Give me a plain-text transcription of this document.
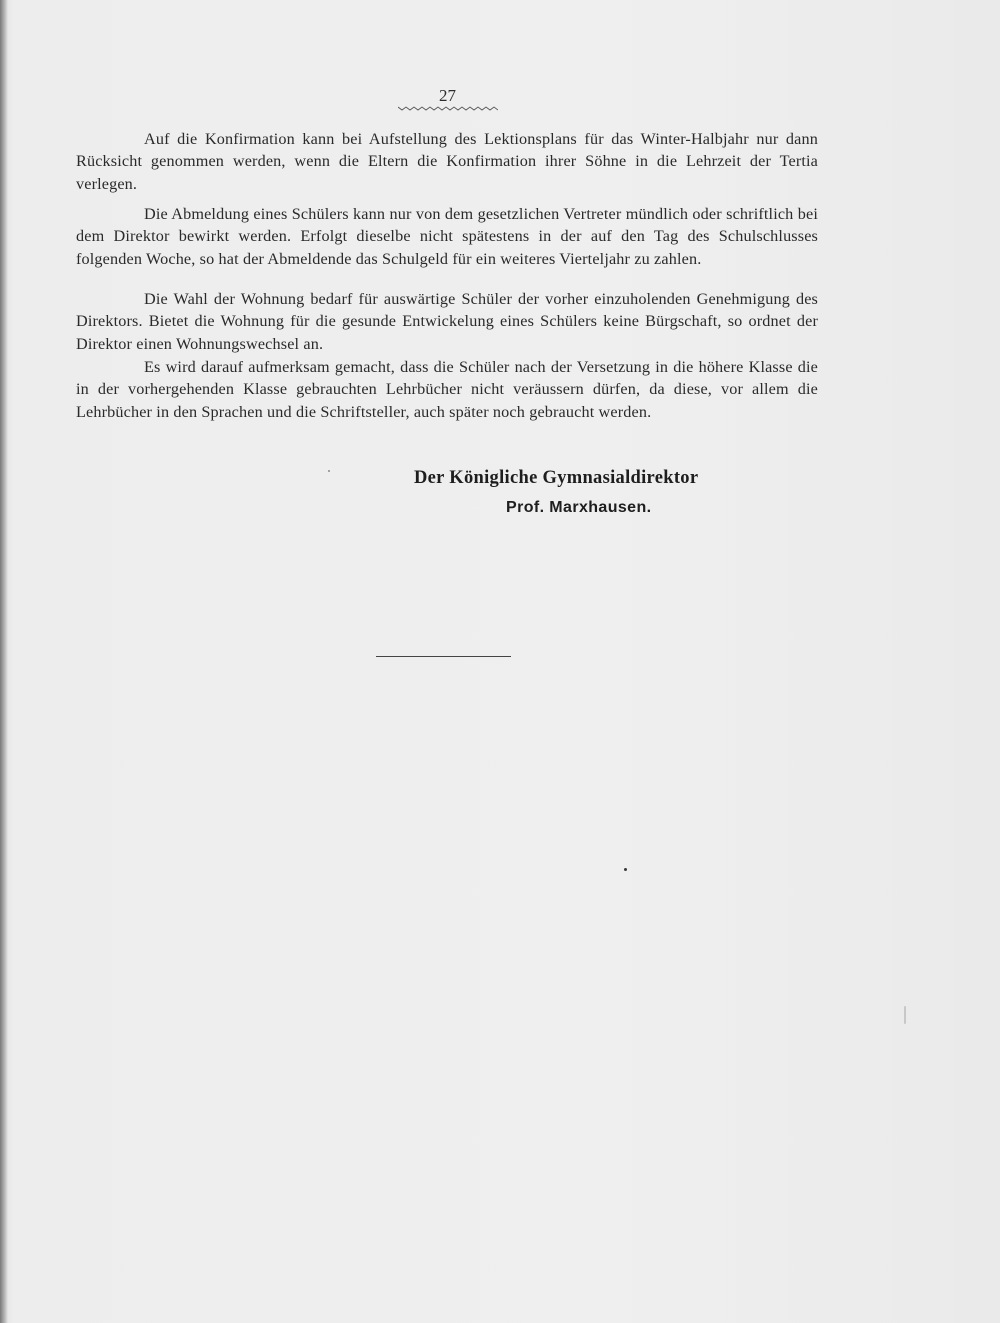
27
Auf die Konfirmation kann bei Aufstellung des Lektionsplans für das Winter-Halbjahr nur dann Rücksicht genommen werden, wenn die Eltern die Konfirmation ihrer Söhne in die Lehrzeit der Tertia verlegen.
Die Abmeldung eines Schülers kann nur von dem gesetzlichen Vertreter mündlich oder schriftlich bei dem Direktor bewirkt werden. Erfolgt dieselbe nicht spätestens in der auf den Tag des Schulschlusses folgenden Woche, so hat der Abmeldende das Schulgeld für ein weiteres Vierteljahr zu zahlen.
Die Wahl der Wohnung bedarf für auswärtige Schüler der vorher einzuholenden Genehmigung des Direktors. Bietet die Wohnung für die gesunde Entwickelung eines Schülers keine Bürgschaft, so ordnet der Direktor einen Wohnungswechsel an.
Es wird darauf aufmerksam gemacht, dass die Schüler nach der Versetzung in die höhere Klasse die in der vorhergehenden Klasse gebrauchten Lehrbücher nicht veräussern dürfen, da diese, vor allem die Lehrbücher in den Sprachen und die Schriftsteller, auch später noch gebraucht werden.
Der Königliche Gymnasialdirektor
Prof. Marxhausen.
